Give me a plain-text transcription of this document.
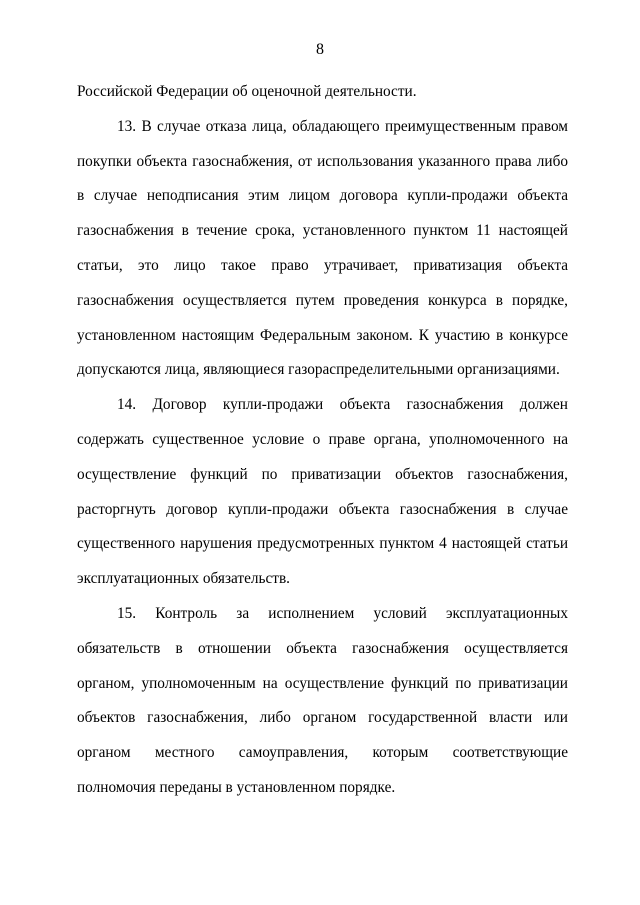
8

Российской Федерации об оценочной деятельности.

13. В случае отказа лица, обладающего преимущественным правом покупки объекта газоснабжения, от использования указанного права либо в случае неподписания этим лицом договора купли-продажи объекта газоснабжения в течение срока, установленного пунктом 11 настоящей статьи, это лицо такое право утрачивает, приватизация объекта газоснабжения осуществляется путем проведения конкурса в порядке, установленном настоящим Федеральным законом. К участию в конкурсе допускаются лица, являющиеся газораспределительными организациями.

14. Договор купли-продажи объекта газоснабжения должен содержать существенное условие о праве органа, уполномоченного на осуществление функций по приватизации объектов газоснабжения, расторгнуть договор купли-продажи объекта газоснабжения в случае существенного нарушения предусмотренных пунктом 4 настоящей статьи эксплуатационных обязательств.

15. Контроль за исполнением условий эксплуатационных обязательств в отношении объекта газоснабжения осуществляется органом, уполномоченным на осуществление функций по приватизации объектов газоснабжения, либо органом государственной власти или органом местного самоуправления, которым соответствующие полномочия переданы в установленном порядке.
